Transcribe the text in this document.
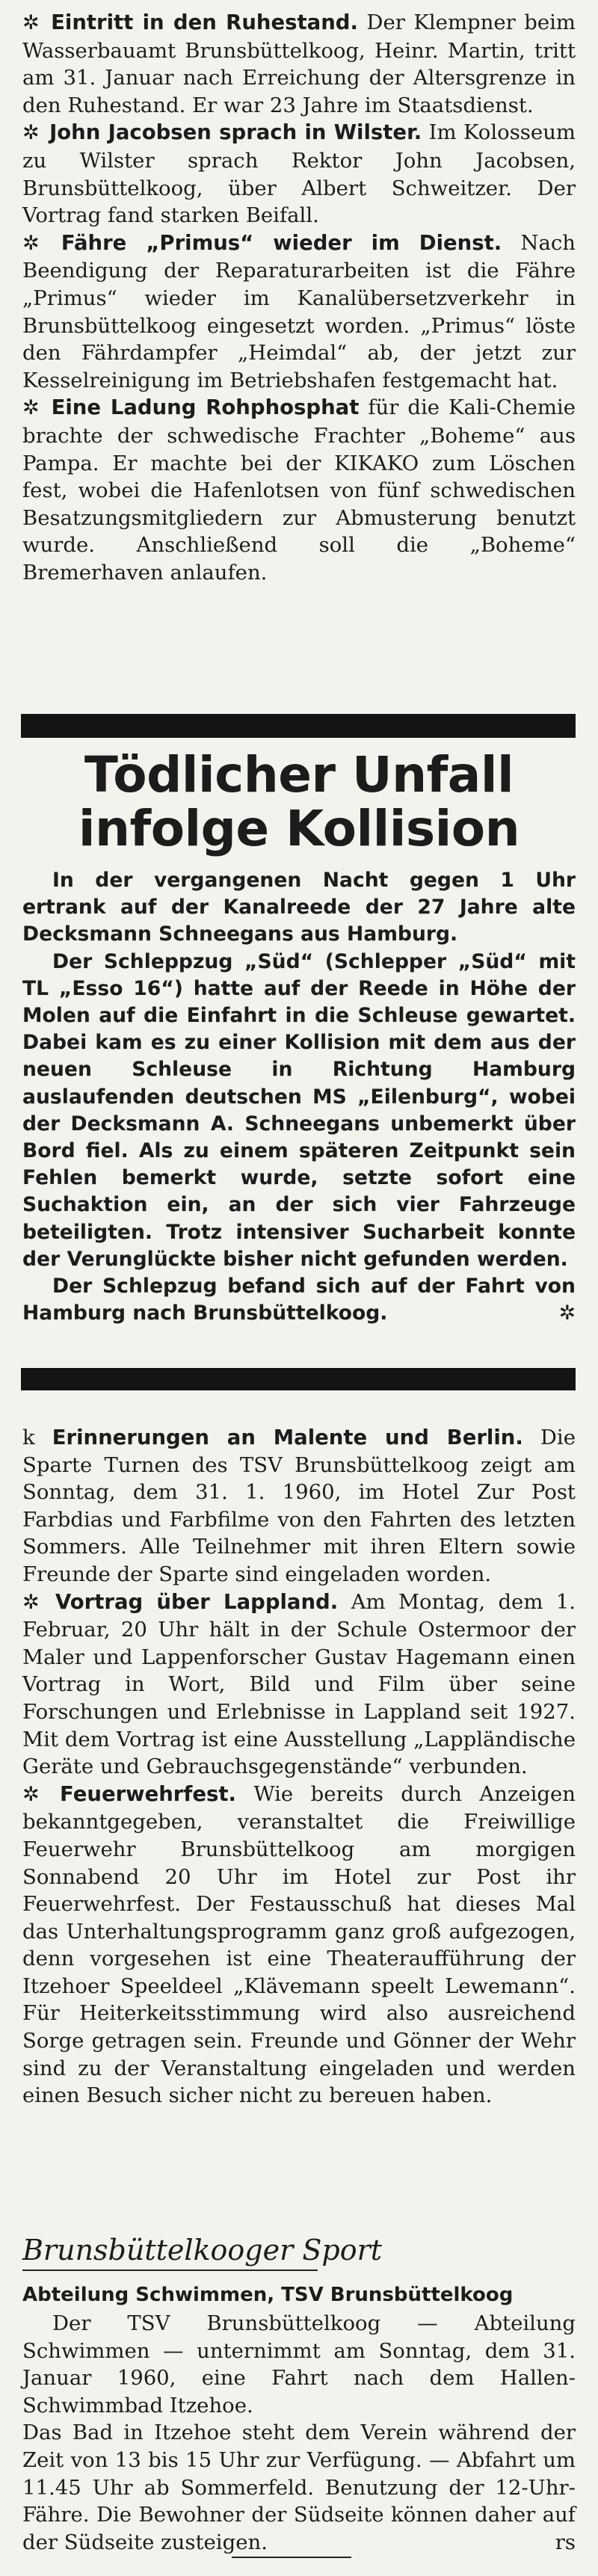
✲ Eintritt in den Ruhestand. Der Klempner beim Wasserbauamt Brunsbüttelkoog, Heinr. Martin, tritt am 31. Januar nach Erreichung der Altersgrenze in den Ruhestand. Er war 23 Jahre im Staatsdienst.

✲ John Jacobsen sprach in Wilster. Im Kolosseum zu Wilster sprach Rektor John Jacobsen, Brunsbüttelkoog, über Albert Schweitzer. Der Vortrag fand starken Beifall.

✲ Fähre „Primus“ wieder im Dienst. Nach Beendigung der Reparaturarbeiten ist die Fähre „Primus“ wieder im Kanalübersetzverkehr in Brunsbüttelkoog eingesetzt worden. „Primus“ löste den Fährdampfer „Heimdal“ ab, der jetzt zur Kesselreinigung im Betriebshafen festgemacht hat.

✲ Eine Ladung Rohphosphat für die Kali-Chemie brachte der schwedische Frachter „Boheme“ aus Pampa. Er machte bei der KIKAKO zum Löschen fest, wobei die Hafenlotsen von fünf schwedischen Besatzungsmitgliedern zur Abmusterung benutzt wurde. Anschließend soll die „Boheme“ Bremerhaven anlaufen.

Tödlicher Unfall
infolge Kollision

In der vergangenen Nacht gegen 1 Uhr ertrank auf der Kanalreede der 27 Jahre alte Decksmann Schneegans aus Hamburg.

Der Schleppzug „Süd“ (Schlepper „Süd“ mit TL „Esso 16“) hatte auf der Reede in Höhe der Molen auf die Einfahrt in die Schleuse gewartet. Dabei kam es zu einer Kollision mit dem aus der neuen Schleuse in Richtung Hamburg auslaufenden deutschen MS „Eilenburg“, wobei der Decksmann A. Schneegans unbemerkt über Bord fiel. Als zu einem späteren Zeitpunkt sein Fehlen bemerkt wurde, setzte sofort eine Suchaktion ein, an der sich vier Fahrzeuge beteiligten. Trotz intensiver Sucharbeit konnte der Verunglückte bisher nicht gefunden werden.

Der Schlepzug befand sich auf der Fahrt von Hamburg nach Brunsbüttelkoog.	✲

k Erinnerungen an Malente und Berlin. Die Sparte Turnen des TSV Brunsbüttelkoog zeigt am Sonntag, dem 31. 1. 1960, im Hotel Zur Post Farbdias und Farbfilme von den Fahrten des letzten Sommers. Alle Teilnehmer mit ihren Eltern sowie Freunde der Sparte sind eingeladen worden.

✲ Vortrag über Lappland. Am Montag, dem 1. Februar, 20 Uhr hält in der Schule Ostermoor der Maler und Lappenforscher Gustav Hagemann einen Vortrag in Wort, Bild und Film über seine Forschungen und Erlebnisse in Lappland seit 1927. Mit dem Vortrag ist eine Ausstellung „Lappländische Geräte und Gebrauchsgegenstände“ verbunden.

✲ Feuerwehrfest. Wie bereits durch Anzeigen bekanntgegeben, veranstaltet die Freiwillige Feuerwehr Brunsbüttelkoog am morgigen Sonnabend 20 Uhr im Hotel zur Post ihr Feuerwehrfest. Der Festausschuß hat dieses Mal das Unterhaltungsprogramm ganz groß aufgezogen, denn vorgesehen ist eine Theateraufführung der Itzehoer Speeldeel „Klävemann speelt Lewemann“. Für Heiterkeitsstimmung wird also ausreichend Sorge getragen sein. Freunde und Gönner der Wehr sind zu der Veranstaltung eingeladen und werden einen Besuch sicher nicht zu bereuen haben.

Brunsbüttelkooger Sport
Abteilung Schwimmen, TSV Brunsbüttelkoog

Der TSV Brunsbüttelkoog — Abteilung Schwimmen — unternimmt am Sonntag, dem 31. Januar 1960, eine Fahrt nach dem Hallen-Schwimmbad Itzehoe.

Das Bad in Itzehoe steht dem Verein während der Zeit von 13 bis 15 Uhr zur Verfügung. — Abfahrt um 11.45 Uhr ab Sommerfeld. Benutzung der 12-Uhr-Fähre. Die Bewohner der Südseite können daher auf der Südseite zusteigen.	rs
